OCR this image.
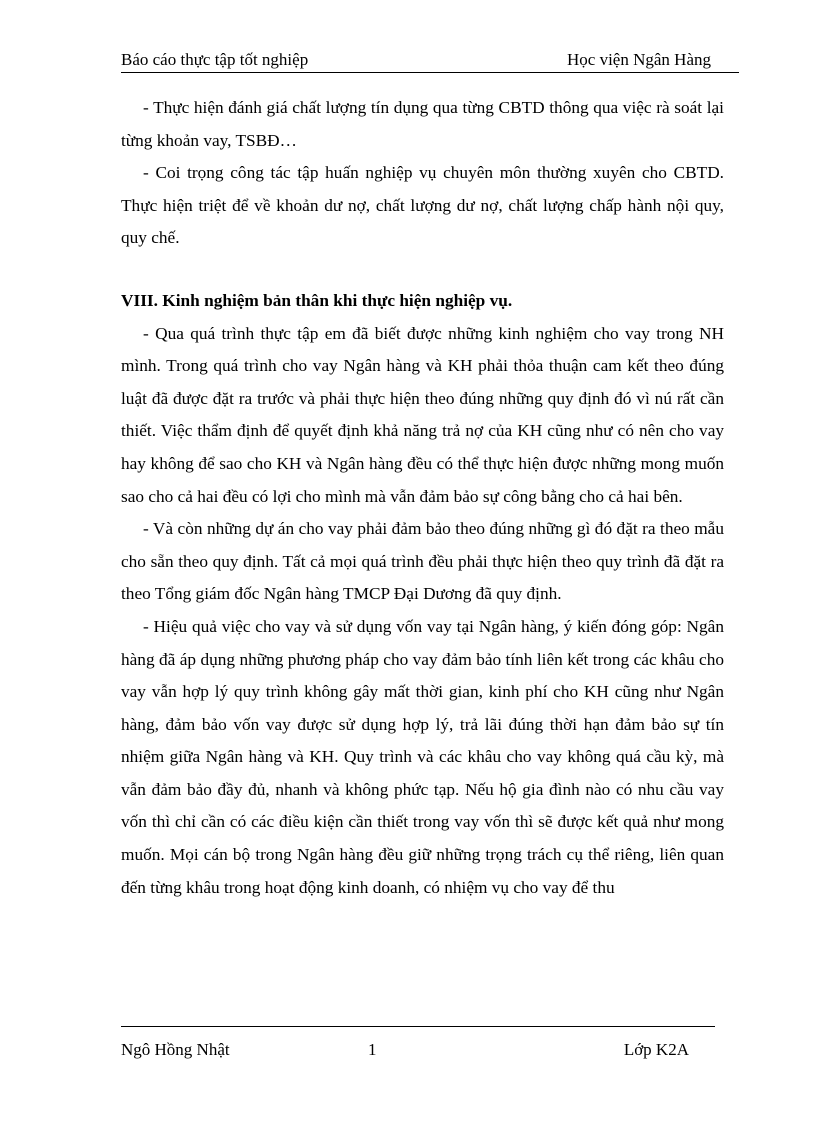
Báo cáo thực tập tốt nghiệp	Học viện Ngân Hàng

- Thực hiện đánh giá chất lượng tín dụng qua từng CBTD thông qua việc rà soát lại từng khoản vay, TSBĐ…

- Coi trọng công tác tập huấn nghiệp vụ chuyên môn thường xuyên cho CBTD. Thực hiện triệt để về khoản dư nợ, chất lượng dư nợ, chất lượng chấp hành nội quy, quy chế.

VIII. Kinh nghiệm bản thân khi thực hiện nghiệp vụ.

- Qua quá trình thực tập em đã biết được những kinh nghiệm cho vay trong NH mình. Trong quá trình cho vay Ngân hàng và KH phải thỏa thuận cam kết theo đúng luật đã được đặt ra trước và phải thực hiện theo đúng những quy định đó vì nú rất cần thiết. Việc thẩm định để quyết định khả năng trả nợ của KH cũng như có nên cho vay hay không để sao cho KH và Ngân hàng đều có thể thực hiện được những mong muốn sao cho cả hai đều có lợi cho mình mà vẫn đảm bảo sự công bằng cho cả hai bên.

- Và còn những dự án cho vay phải đảm bảo theo đúng những gì đó đặt ra theo mẫu cho sẵn theo quy định. Tất cả mọi quá trình đều phải thực hiện theo quy trình đã đặt ra theo Tổng giám đốc Ngân hàng TMCP Đại Dương đã quy định.

- Hiệu quả việc cho vay và sử dụng vốn vay tại Ngân hàng, ý kiến đóng góp: Ngân hàng đã áp dụng những phương pháp cho vay đảm bảo tính liên kết trong các khâu cho vay vẫn hợp lý quy trình không gây mất thời gian, kinh phí cho KH cũng như Ngân hàng, đảm bảo vốn vay được sử dụng hợp lý, trả lãi đúng thời hạn đảm bảo sự tín nhiệm giữa Ngân hàng và KH. Quy trình và các khâu cho vay không quá cầu kỳ, mà vẫn đảm bảo đầy đủ, nhanh và không phức tạp. Nếu hộ gia đình nào có nhu cầu vay vốn thì chỉ cần có các điều kiện cần thiết trong vay vốn thì sẽ được kết quả như mong muốn. Mọi cán bộ trong Ngân hàng đều giữ những trọng trách cụ thể riêng, liên quan đến từng khâu trong hoạt động kinh doanh, có nhiệm vụ cho vay để thu

Ngô Hồng Nhật	1	Lớp K2A
